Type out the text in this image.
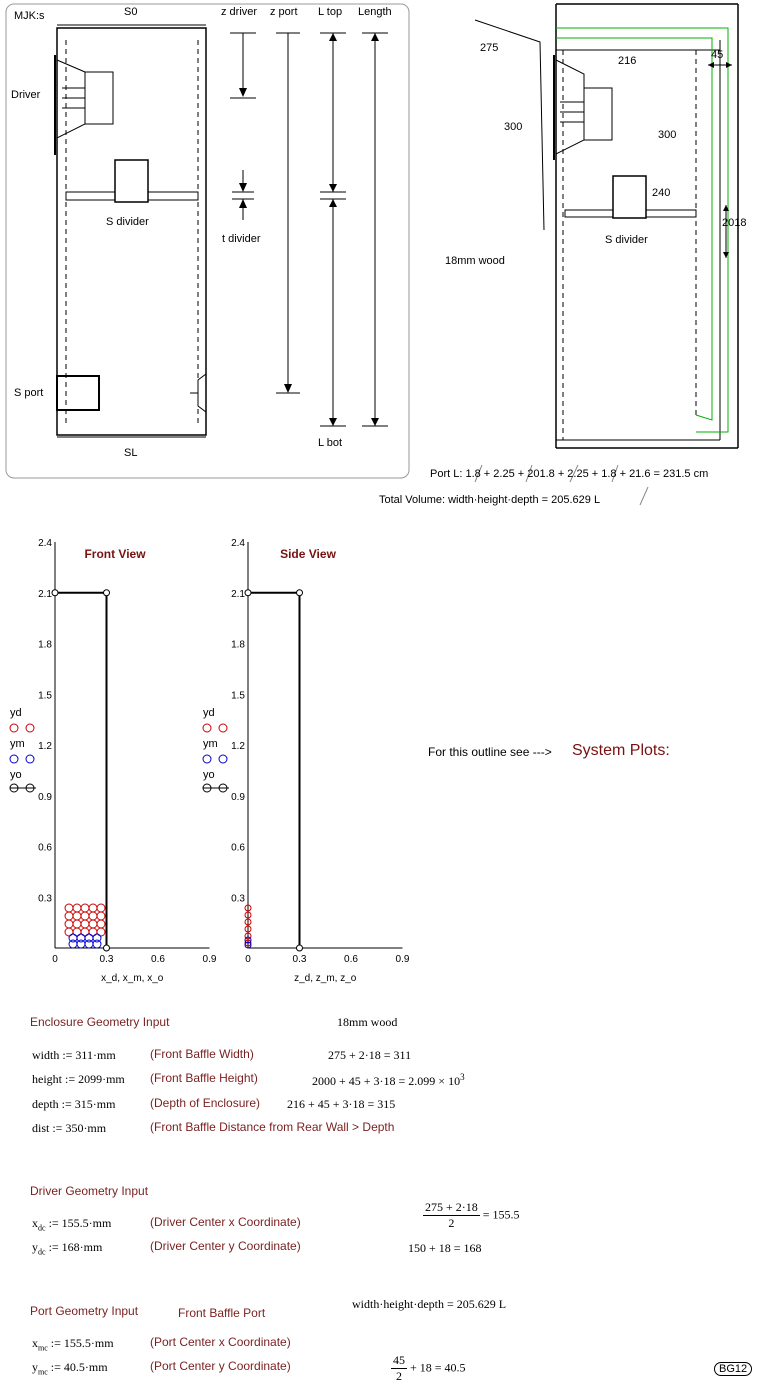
MJK:s	S0	z driver z port L top Length
Driver
S divider
t divider
S port
L bot
SL
275
216	45
300
300
240
2018
S divider
18mm wood
Port L: 1.8 + 2.25 + 201.8 + 2.25 + 1.8 + 21.6 = 231.5 cm
Total Volume: width·height·depth = 205.629 L
0.3
0.6
0.9
1.2
1.5
1.8
2.1
2.4
0	0.3	0.6	0.9
Front View
x_d, x_m, x_o
yd
ym
yo
0.3
0.6
0.9
1.2
1.5
1.8
2.1
2.4
0	0.3	0.6	0.9
Side View
z_d, z_m, z_o
yd
ym
yo
For this outline see ---> System Plots:
Enclosure Geometry Input	18mm wood
width := 311·mm	(Front Baffle Width)	275 + 2·18 = 311
height := 2099·mm (Front Baffle Height)	$2000 + 45 + 3\cdot 18 = 2.099 \times 10^3$
depth := 315·mm	(Depth of Enclosure) 216 + 45 + 3·18 = 315
dist := 350·mm	(Front Baffle Distance from Rear Wall > Depth
Driver Geometry Input
$x_{dc}$ := 155.5·mm	(Driver Center x Coordinate)	$\frac{275 + 2\cdot 18}{2} = 155.5$
$y_{dc}$ := 168·mm	(Driver Center y Coordinate)	150 + 18 = 168
Port Geometry Input	Front Baffle Port
width·height·depth = 205.629 L
$x_{mc}$ := 155.5·mm	(Port Center x Coordinate)
$y_{mc}$ := 40.5·mm	(Port Center y Coordinate)	$\frac{45}{2} + 18 = 40.5$	BG12
